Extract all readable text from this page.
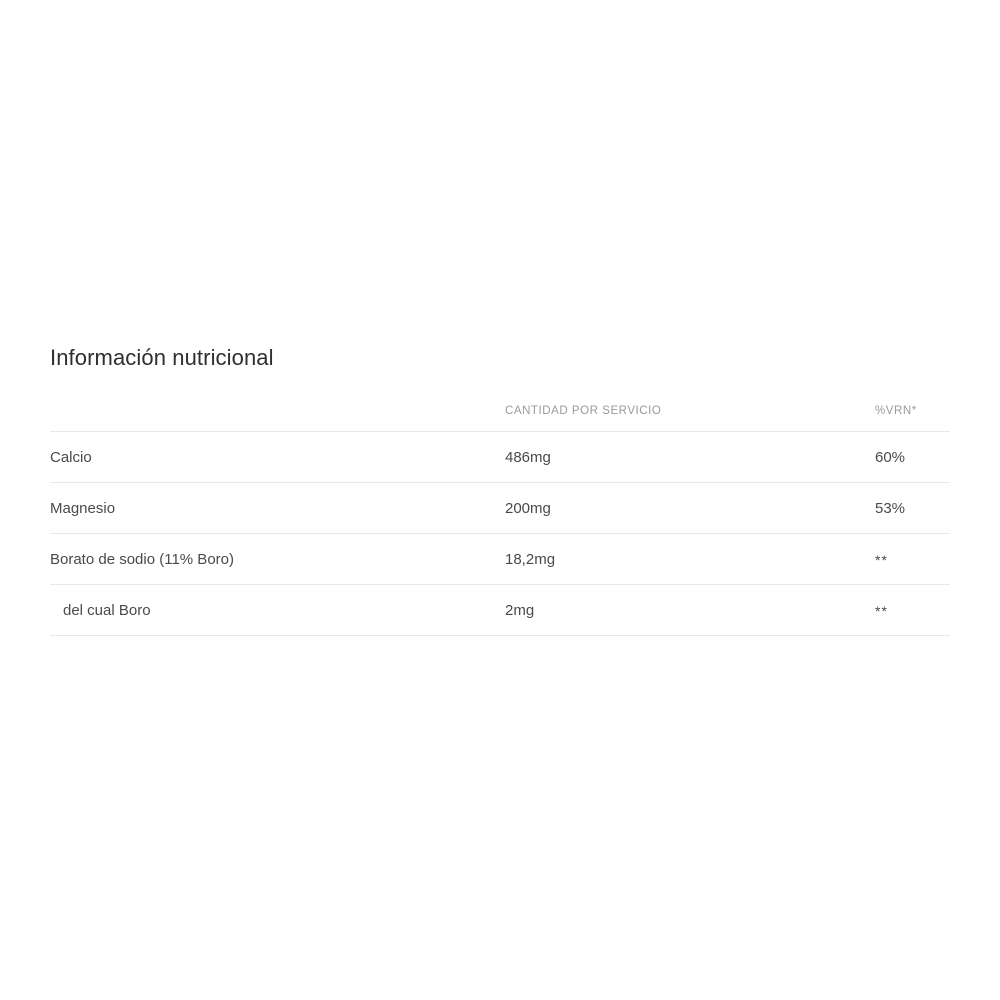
Información nutricional
	CANTIDAD POR SERVICIO	%VRN*
Calcio	486mg	60%
Magnesio	200mg	53%
Borato de sodio (11% Boro)	18,2mg	**
del cual Boro	2mg	**
